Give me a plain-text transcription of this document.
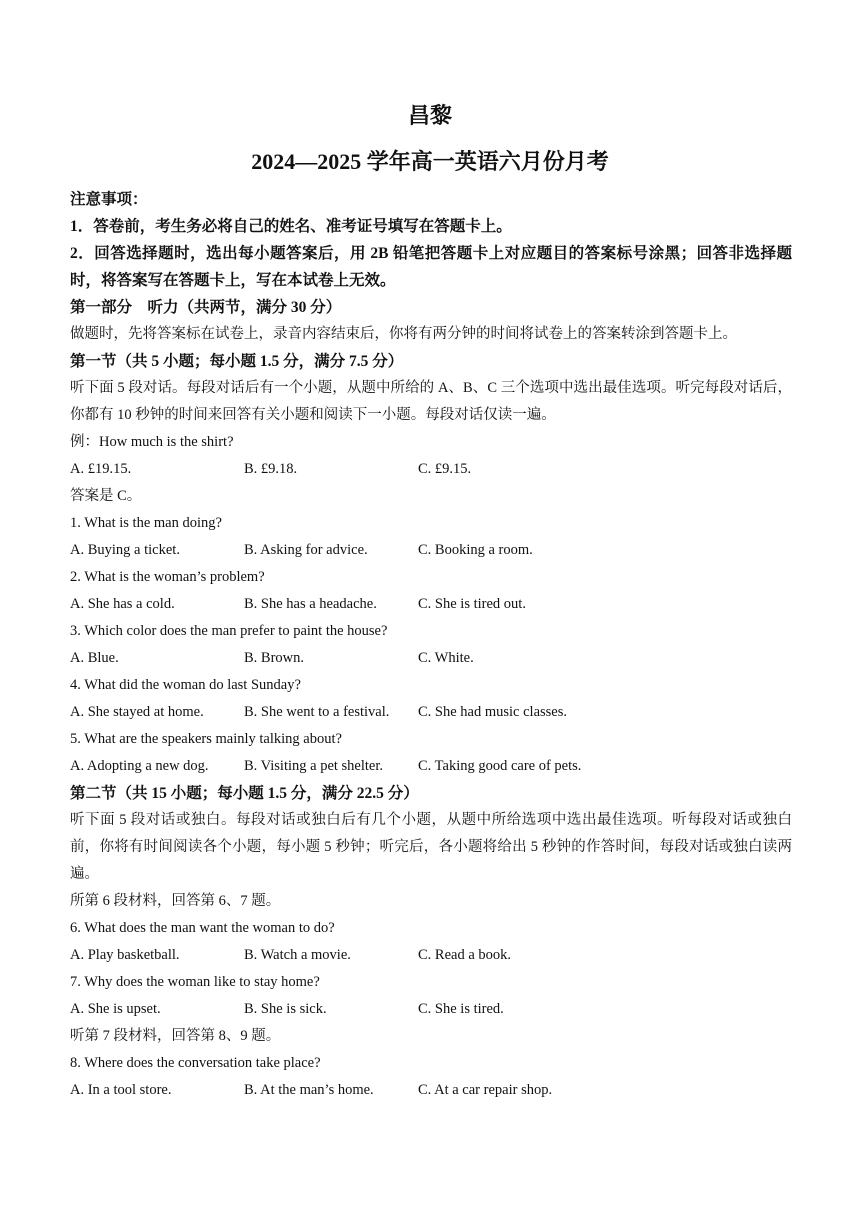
昌黎
2024—2025 学年高一英语六月份月考
注意事项：
1．答卷前，考生务必将自己的姓名、准考证号填写在答题卡上。
2．回答选择题时，选出每小题答案后，用 2B 铅笔把答题卡上对应题目的答案标号涂黑；回答非选择题时，将答案写在答题卡上，写在本试卷上无效。
第一部分　听力（共两节，满分 30 分）
做题时，先将答案标在试卷上，录音内容结束后，你将有两分钟的时间将试卷上的答案转涂到答题卡上。
第一节（共 5 小题；每小题 1.5 分，满分 7.5 分）
听下面 5 段对话。每段对话后有一个小题，从题中所给的 A、B、C 三个选项中选出最佳选项。听完每段对话后，你都有 10 秒钟的时间来回答有关小题和阅读下一小题。每段对话仅读一遍。
例：How much is the shirt?
A. £19.15.	B. £9.18.	C. £9.15.
答案是 C。
1. What is the man doing?
A. Buying a ticket.	B. Asking for advice.	C. Booking a room.
2. What is the woman’s problem?
A. She has a cold.	B. She has a headache.	C. She is tired out.
3. Which color does the man prefer to paint the house?
A. Blue.	B. Brown.	C. White.
4. What did the woman do last Sunday?
A. She stayed at home.	B. She went to a festival. C. She had music classes.
5. What are the speakers mainly talking about?
A. Adopting a new dog. B. Visiting a pet shelter. C. Taking good care of pets.
第二节（共 15 小题；每小题 1.5 分，满分 22.5 分）
听下面 5 段对话或独白。每段对话或独白后有几个小题，从题中所给选项中选出最佳选项。听每段对话或独白前，你将有时间阅读各个小题，每小题 5 秒钟；听完后，各小题将给出 5 秒钟的作答时间，每段对话或独白读两遍。
所第 6 段材料，回答第 6、7 题。
6. What does the man want the woman to do?
A. Play basketball.	B. Watch a movie.	C. Read a book.
7. Why does the woman like to stay home?
A. She is upset.	B. She is sick.	C. She is tired.
听第 7 段材料，回答第 8、9 题。
8. Where does the conversation take place?
A. In a tool store.	B. At the man’s home.	C. At a car repair shop.
